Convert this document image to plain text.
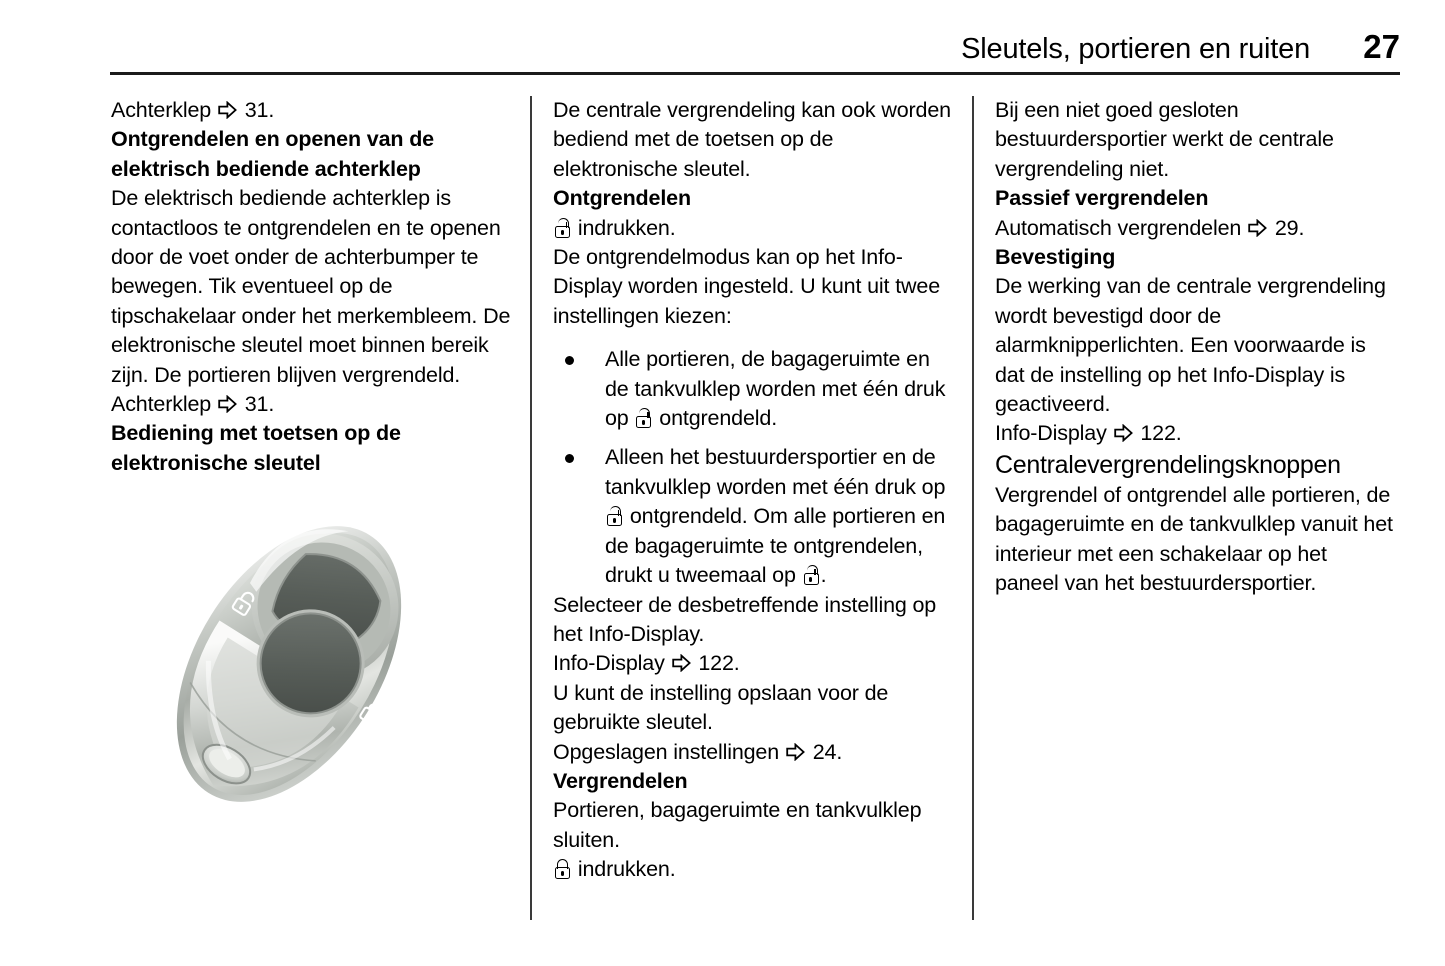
Sleutels, portieren en ruiten	27

Achterklep 31.

Ontgrendelen en openen van de elektrisch bediende achterklep

De elektrisch bediende achterklep is contactloos te ontgrendelen en te openen door de voet onder de achterbumper te bewegen. Tik eventueel op de tipschakelaar onder het merkembleem. De elektronische sleutel moet binnen bereik zijn. De portieren blijven vergrendeld.

Achterklep 31.

Bediening met toetsen op de elektronische sleutel

De centrale vergrendeling kan ook worden bediend met de toetsen op de elektronische sleutel.

Ontgrendelen

indrukken.

De ontgrendelmodus kan op het Info-Display worden ingesteld. U kunt uit twee instellingen kiezen:

Alle portieren, de bagageruimte en de tankvulklep worden met één druk op ontgrendeld.
Alleen het bestuurdersportier en de tankvulklep worden met één druk op
ontgrendeld. Om alle portieren en de bagageruimte te ontgrendelen, drukt u tweemaal op .

Selecteer de desbetreffende instelling op het Info-Display.

Info-Display 122.

U kunt de instelling opslaan voor de gebruikte sleutel.

Opgeslagen instellingen 24.

Vergrendelen

Portieren, bagageruimte en tankvulklep sluiten.

indrukken.

Bij een niet goed gesloten bestuurdersportier werkt de centrale vergrendeling niet.

Passief vergrendelen

Automatisch vergrendelen 29.

Bevestiging

De werking van de centrale vergrendeling wordt bevestigd door de alarmknipperlichten. Een voorwaarde is dat de instelling op het Info-Display is geactiveerd.

Info-Display 122.

Centralevergrendelingsknoppen

Vergrendel of ontgrendel alle portieren, de bagageruimte en de tankvulklep vanuit het interieur met een schakelaar op het paneel van het bestuurdersportier.
